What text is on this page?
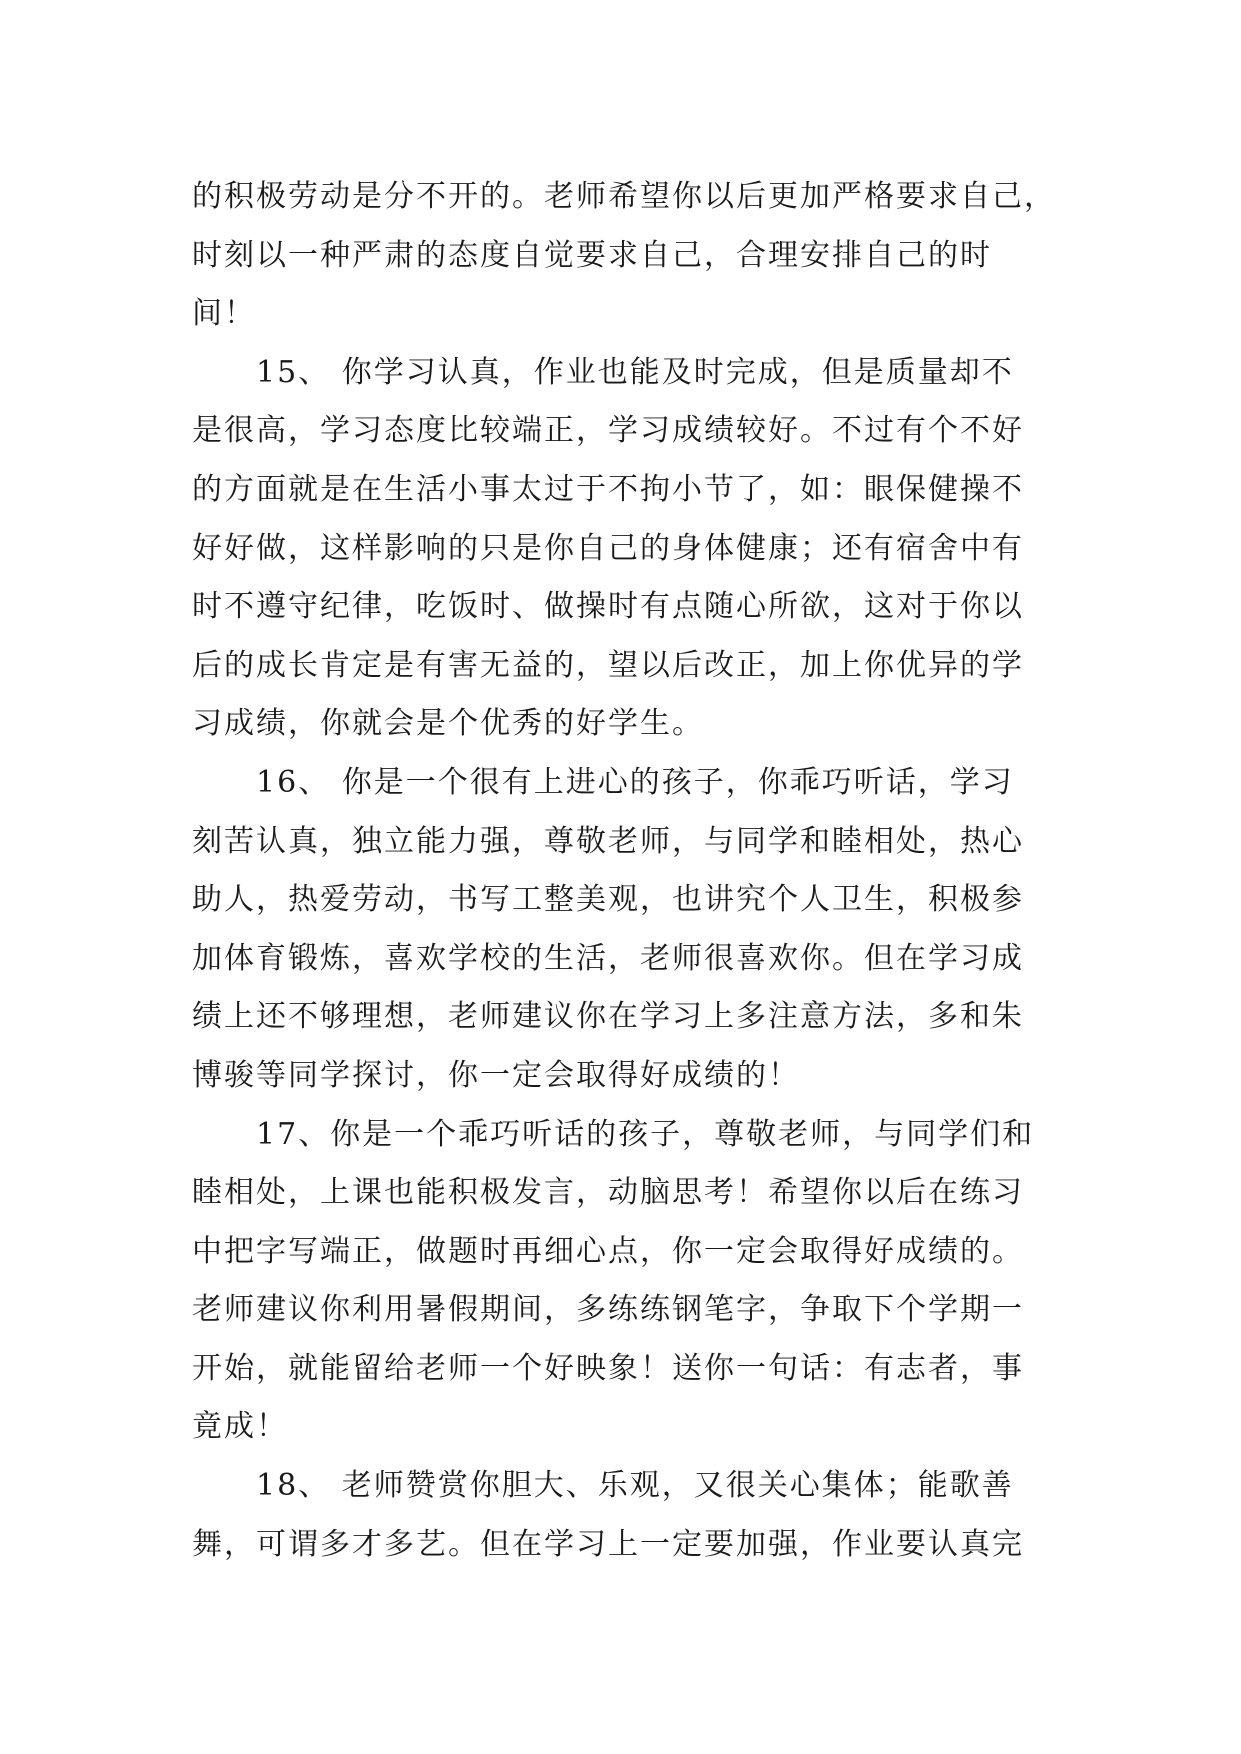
的积极劳动是分不开的。老师希望你以后更加严格要求自己，
时刻以一种严肃的态度自觉要求自己，合理安排自己的时
间！
15、 你学习认真，作业也能及时完成，但是质量却不
是很高，学习态度比较端正，学习成绩较好。不过有个不好
的方面就是在生活小事太过于不拘小节了，如：眼保健操不
好好做，这样影响的只是你自己的身体健康；还有宿舍中有
时不遵守纪律，吃饭时、做操时有点随心所欲，这对于你以
后的成长肯定是有害无益的，望以后改正，加上你优异的学
习成绩，你就会是个优秀的好学生。
16、 你是一个很有上进心的孩子，你乖巧听话，学习
刻苦认真，独立能力强，尊敬老师，与同学和睦相处，热心
助人，热爱劳动，书写工整美观，也讲究个人卫生，积极参
加体育锻炼，喜欢学校的生活，老师很喜欢你。但在学习成
绩上还不够理想，老师建议你在学习上多注意方法，多和朱
博骏等同学探讨，你一定会取得好成绩的！
17、你是一个乖巧听话的孩子，尊敬老师，与同学们和
睦相处，上课也能积极发言，动脑思考！希望你以后在练习
中把字写端正，做题时再细心点，你一定会取得好成绩的。
老师建议你利用暑假期间，多练练钢笔字，争取下个学期一
开始，就能留给老师一个好映象！送你一句话：有志者，事
竟成！
18、 老师赞赏你胆大、乐观，又很关心集体；能歌善
舞，可谓多才多艺。但在学习上一定要加强，作业要认真完
